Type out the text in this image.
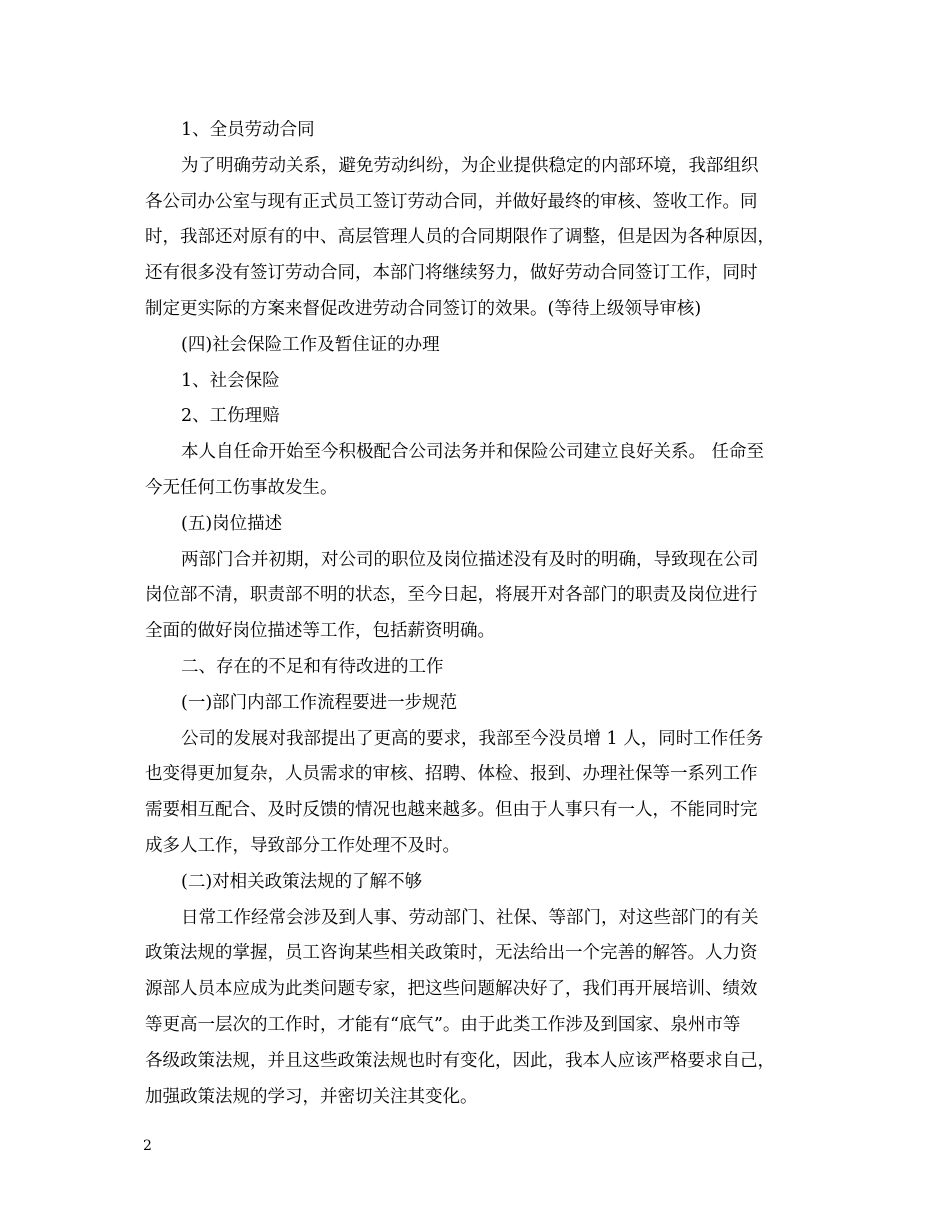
1、全员劳动合同
为了明确劳动关系，避免劳动纠纷，为企业提供稳定的内部环境，我部组织
各公司办公室与现有正式员工签订劳动合同，并做好最终的审核、签收工作。同
时，我部还对原有的中、高层管理人员的合同期限作了调整，但是因为各种原因，
还有很多没有签订劳动合同，本部门将继续努力，做好劳动合同签订工作，同时
制定更实际的方案来督促改进劳动合同签订的效果。(等待上级领导审核)
(四)社会保险工作及暂住证的办理
1、社会保险
2、工伤理赔
本人自任命开始至今积极配合公司法务并和保险公司建立良好关系。 任命至
今无任何工伤事故发生。
(五)岗位描述
两部门合并初期，对公司的职位及岗位描述没有及时的明确，导致现在公司
岗位部不清，职责部不明的状态，至今日起，将展开对各部门的职责及岗位进行
全面的做好岗位描述等工作，包括薪资明确。
二、存在的不足和有待改进的工作
(一)部门内部工作流程要进一步规范
公司的发展对我部提出了更高的要求，我部至今没员增 1 人，同时工作任务
也变得更加复杂，人员需求的审核、招聘、体检、报到、办理社保等一系列工作
需要相互配合、及时反馈的情况也越来越多。但由于人事只有一人，不能同时完
成多人工作，导致部分工作处理不及时。
(二)对相关政策法规的了解不够
日常工作经常会涉及到人事、劳动部门、社保、等部门，对这些部门的有关
政策法规的掌握，员工咨询某些相关政策时，无法给出一个完善的解答。人力资
源部人员本应成为此类问题专家，把这些问题解决好了，我们再开展培训、绩效
等更高一层次的工作时，才能有“底气”。由于此类工作涉及到国家、泉州市等
各级政策法规，并且这些政策法规也时有变化，因此，我本人应该严格要求自己，
加强政策法规的学习，并密切关注其变化。
2
